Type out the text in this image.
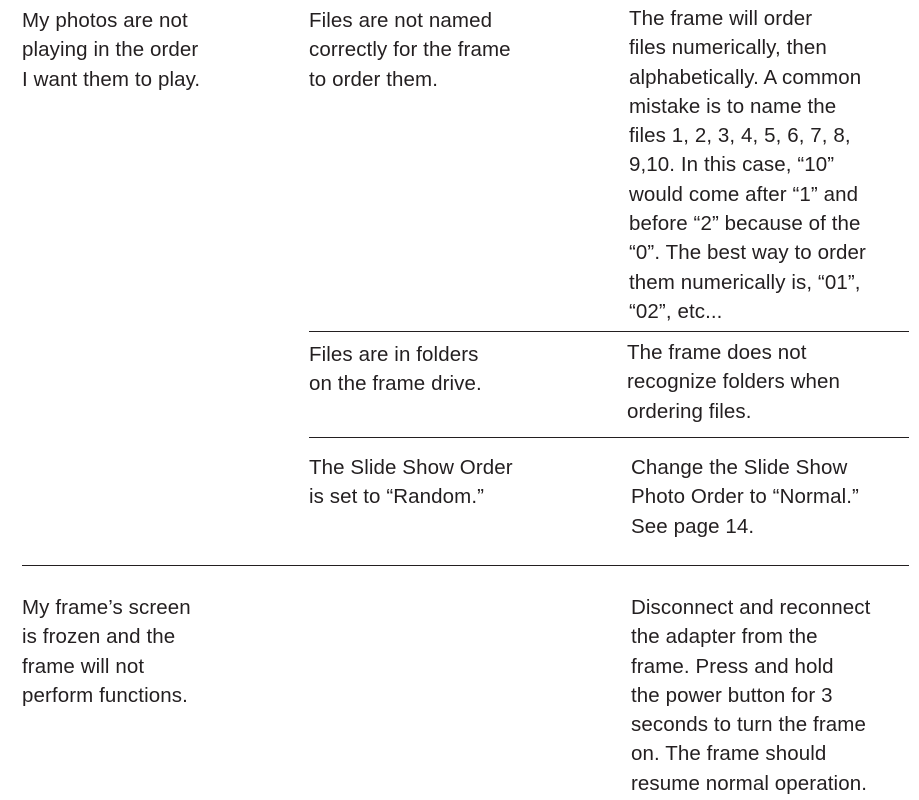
My photos are not
playing in the order
I want them to play.

Files are not named
correctly for the frame
to order them.

The frame will order
files numerically, then
alphabetically. A common
mistake is to name the
files 1, 2, 3, 4, 5, 6, 7, 8,
9,10. In this case, “10”
would come after “1” and
before “2” because of the
“0”. The best way to order
them numerically is, “01”,
“02”, etc...

Files are in folders
on the frame drive.

The frame does not
recognize folders when
ordering files.

The Slide Show Order
is set to “Random.”

Change the Slide Show
Photo Order to “Normal.”
See page 14.

My frame’s screen
is frozen and the
frame will not
perform functions.

Disconnect and reconnect
the adapter from the
frame. Press and hold
the power button for 3
seconds to turn the frame
on. The frame should
resume normal operation.
